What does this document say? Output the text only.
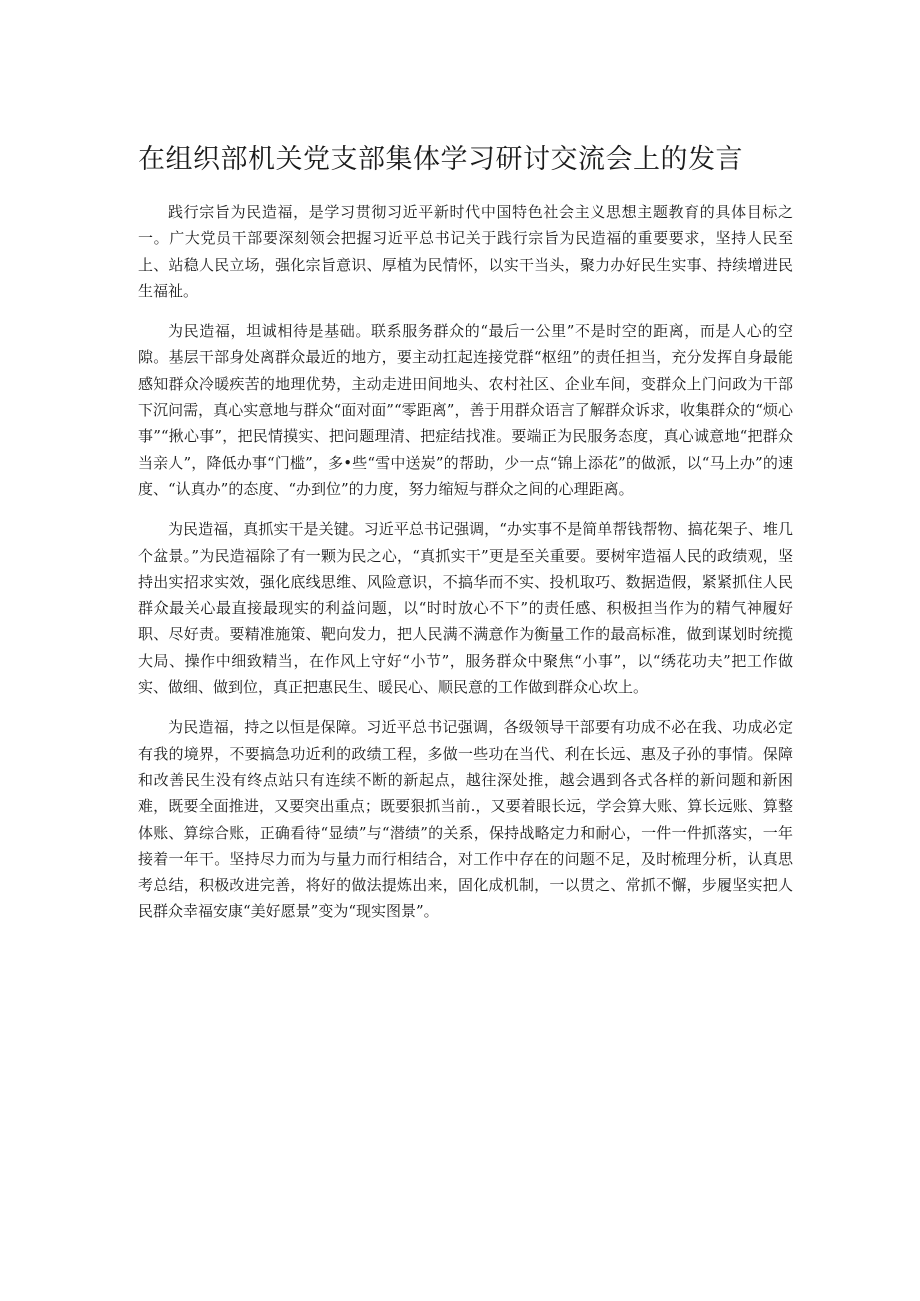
在组织部机关党支部集体学习研讨交流会上的发言

践行宗旨为民造福，是学习贯彻习近平新时代中国特色社会主义思想主题教育的具体目标之一。广大党员干部要深刻领会把握习近平总书记关于践行宗旨为民造福的重要要求，坚持人民至上、站稳人民立场，强化宗旨意识、厚植为民情怀，以实干当头，聚力办好民生实事、持续增进民生福祉。

为民造福，坦诚相待是基础。联系服务群众的“最后一公里”不是时空的距离，而是人心的空隙。基层干部身处离群众最近的地方，要主动扛起连接党群“枢纽”的责任担当，充分发挥自身最能感知群众冷暖疾苦的地理优势，主动走进田间地头、农村社区、企业车间，变群众上门问政为干部下沉问需，真心实意地与群众“面对面”“零距离”，善于用群众语言了解群众诉求，收集群众的“烦心事”“揪心事”，把民情摸实、把问题理清、把症结找准。要端正为民服务态度，真心诚意地“把群众当亲人”，降低办事“门槛”，多•些“雪中送炭”的帮助，少一点“锦上添花”的做派，以“马上办”的速度、“认真办”的态度、“办到位”的力度，努力缩短与群众之间的心理距离。

为民造福，真抓实干是关键。习近平总书记强调，“办实事不是简单帮钱帮物、搞花架子、堆几个盆景。”为民造福除了有一颗为民之心，“真抓实干”更是至关重要。要树牢造福人民的政绩观，坚持出实招求实效，强化底线思维、风险意识，不搞华而不实、投机取巧、数据造假，紧紧抓住人民群众最关心最直接最现实的利益问题，以“时时放心不下”的责任感、积极担当作为的精气神履好职、尽好责。要精准施策、靶向发力，把人民满不满意作为衡量工作的最高标准，做到谋划时统揽大局、操作中细致精当，在作风上守好“小节”，服务群众中聚焦“小事”，以“绣花功夫”把工作做实、做细、做到位，真正把惠民生、暖民心、顺民意的工作做到群众心坎上。

为民造福，持之以恒是保障。习近平总书记强调，各级领导干部要有功成不必在我、功成必定有我的境界，不要搞急功近利的政绩工程，多做一些功在当代、利在长远、惠及子孙的事情。保障和改善民生没有终点站只有连续不断的新起点，越往深处推，越会遇到各式各样的新问题和新困难，既要全面推进，又要突出重点；既要狠抓当前.，又要着眼长远，学会算大账、算长远账、算整体账、算综合账，正确看待“显绩”与“潜绩”的关系，保持战略定力和耐心，一件一件抓落实，一年接着一年干。坚持尽力而为与量力而行相结合，对工作中存在的问题不足，及时梳理分析，认真思考总结，积极改进完善，将好的做法提炼出来，固化成机制，一以贯之、常抓不懈，步履坚实把人民群众幸福安康“美好愿景”变为“现实图景”。
